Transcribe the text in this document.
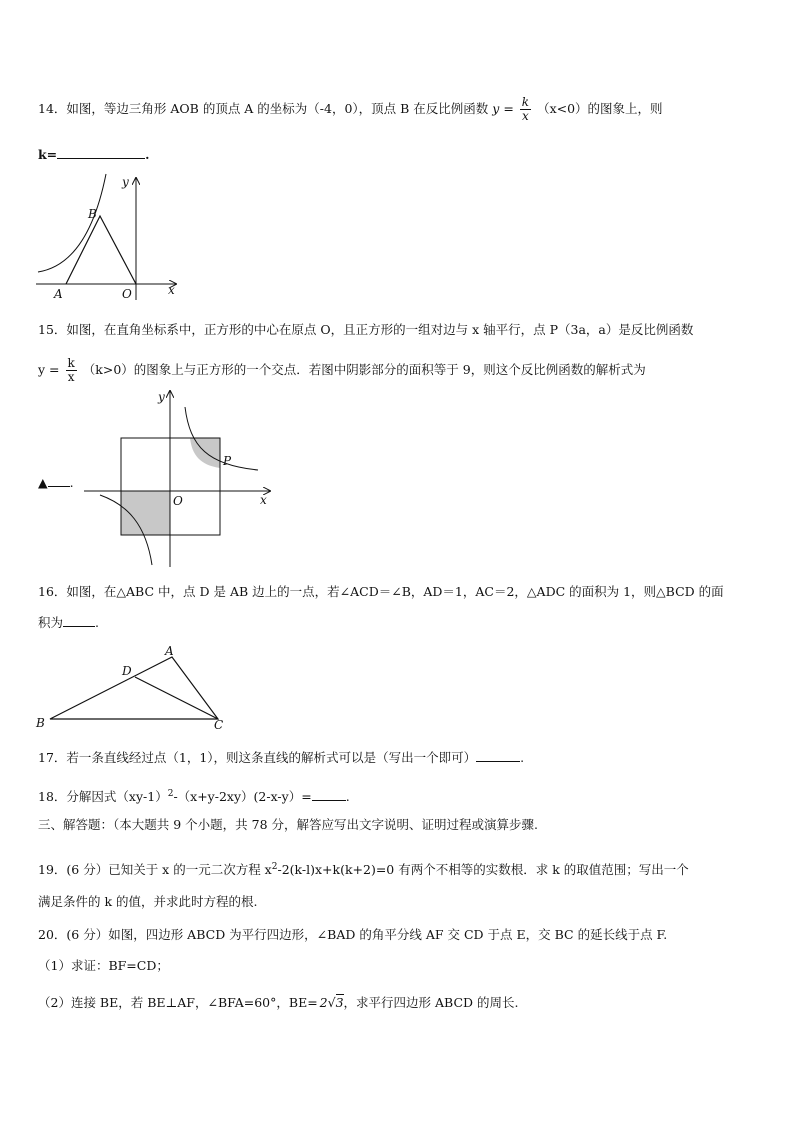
14．如图，等边三角形 AOB 的顶点 A 的坐标为（-4，0），顶点 B 在反比例函数 $y = \frac{k}{x} (x<0)$的图象上，则
k=	.
B
A	O	x
y
15．如图，在直角坐标系中，正方形的中心在原点 O，且正方形的一组对边与 x 轴平行，点 P（3a，a）是反比例函数
$y = \frac{k}{x} (k>0)$的图象上与正方形的一个交点．若图中阴影部分的面积等于 9，则这个反比例函数的解析式为
▲ .
y
P
O	x
16．如图，在△ABC 中，点 D 是 AB 边上的一点，若∠ACD＝∠B，AD＝1，AC＝2，△ADC 的面积为 1，则△BCD 的面
积为	.
A
D
B	C
17．若一条直线经过点（1，1），则这条直线的解析式可以是（写出一个即可）	.
18．分解因式$(xy-1)^2-(x+y-2xy)(2-x-y)=$	.
三、解答题：（本大题共 9 个小题，共 78 分，解答应写出文字说明、证明过程或演算步骤.
19．(6 分）已知关于 x 的一元二次方程 $x^2-2(k-l)x+k(k+2)=0$ 有两个不相等的实数根．求 k 的取值范围；写出一个
满足条件的 k 的值，并求此时方程的根.
20．(6 分）如图，四边形 ABCD 为平行四边形，∠BAD 的角平分线 AF 交 CD 于点 E，交 BC 的延长线于点 F.
（1）求证：BF=CD；
（2）连接 BE，若 BE⊥AF，∠BFA=60°，BE= 2√3，求平行四边形 ABCD 的周长.
